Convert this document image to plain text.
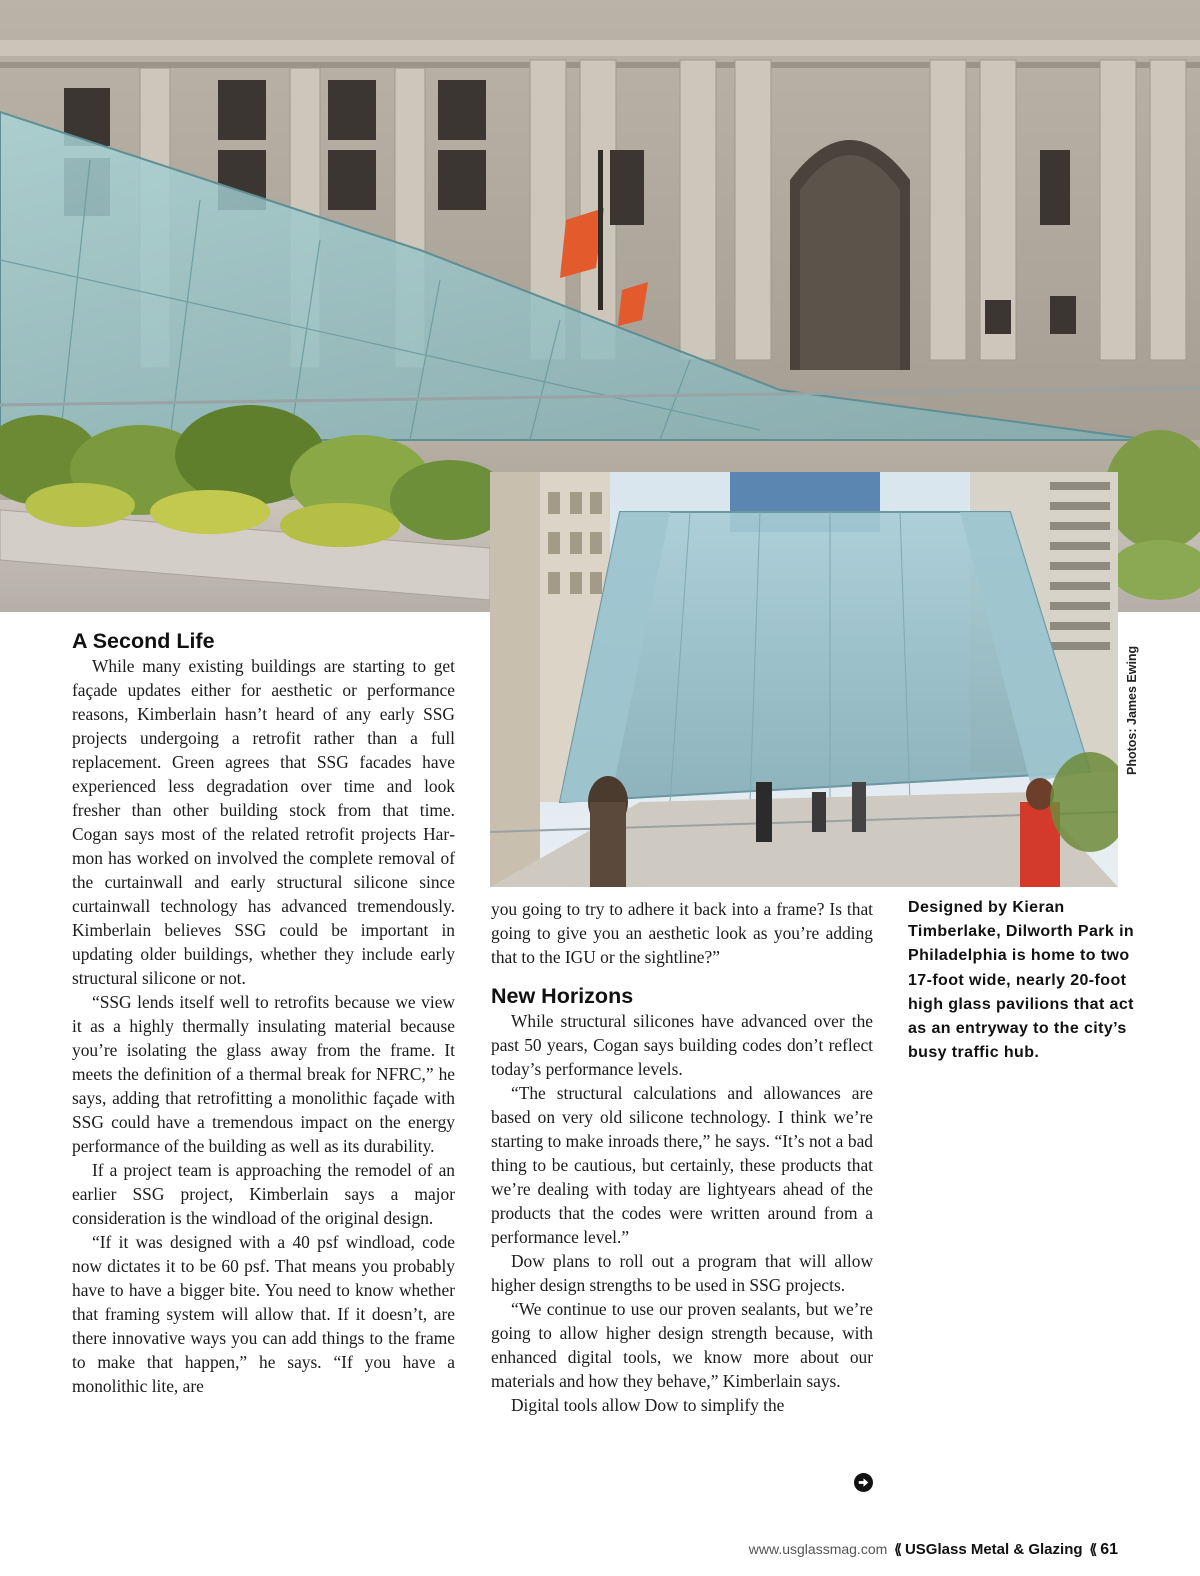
Photos: James Ewing
A Second Life

While many existing buildings are starting to get façade updates either for aesthetic or performance reasons, Kimberlain hasn’t heard of any early SSG projects undergoing a retrofit rather than a full replacement. Green agrees that SSG facades have experienced less degradation over time and look fresher than other building stock from that time. Cogan says most of the related retrofit projects Harmon has worked on involved the complete removal of the curtainwall and early structural silicone since curtainwall technology has advanced tremendously. Kimberlain believes SSG could be important in updating older buildings, whether they include early structural silicone or not.

“SSG lends itself well to retrofits because we view it as a highly thermally insulating material because you’re isolating the glass away from the frame. It meets the definition of a thermal break for NFRC,” he says, adding that retrofitting a monolithic façade with SSG could have a tremendous impact on the energy performance of the building as well as its durability.

If a project team is approaching the remodel of an earlier SSG project, Kimberlain says a major consideration is the windload of the original design.

“If it was designed with a 40 psf windload, code now dictates it to be 60 psf. That means you probably have to have a bigger bite. You need to know whether that framing system will allow that. If it doesn’t, are there innovative ways you can add things to the frame to make that happen,” he says. “If you have a monolithic lite, are

you going to try to adhere it back into a frame? Is that going to give you an aesthetic look as you’re adding that to the IGU or the sightline?”

New Horizons

While structural silicones have advanced over the past 50 years, Cogan says building codes don’t reflect today’s performance levels.

“The structural calculations and allowances are based on very old silicone technology. I think we’re starting to make inroads there,” he says. “It’s not a bad thing to be cautious, but certainly, these products that we’re dealing with today are lightyears ahead of the products that the codes were written around from a performance level.”

Dow plans to roll out a program that will allow higher design strengths to be used in SSG projects.

“We continue to use our proven sealants, but we’re going to allow higher design strength because, with enhanced digital tools, we know more about our materials and how they behave,” Kimberlain says.

Digital tools allow Dow to simplify the

Designed by Kieran Timberlake, Dilworth Park in Philadelphia is home to two 17-foot wide, nearly 20-foot high glass pavilions that act as an entryway to the city’s busy traffic hub.
www.usglassmag.com ⟪ USGlass Metal & Glazing ⟪ 61
